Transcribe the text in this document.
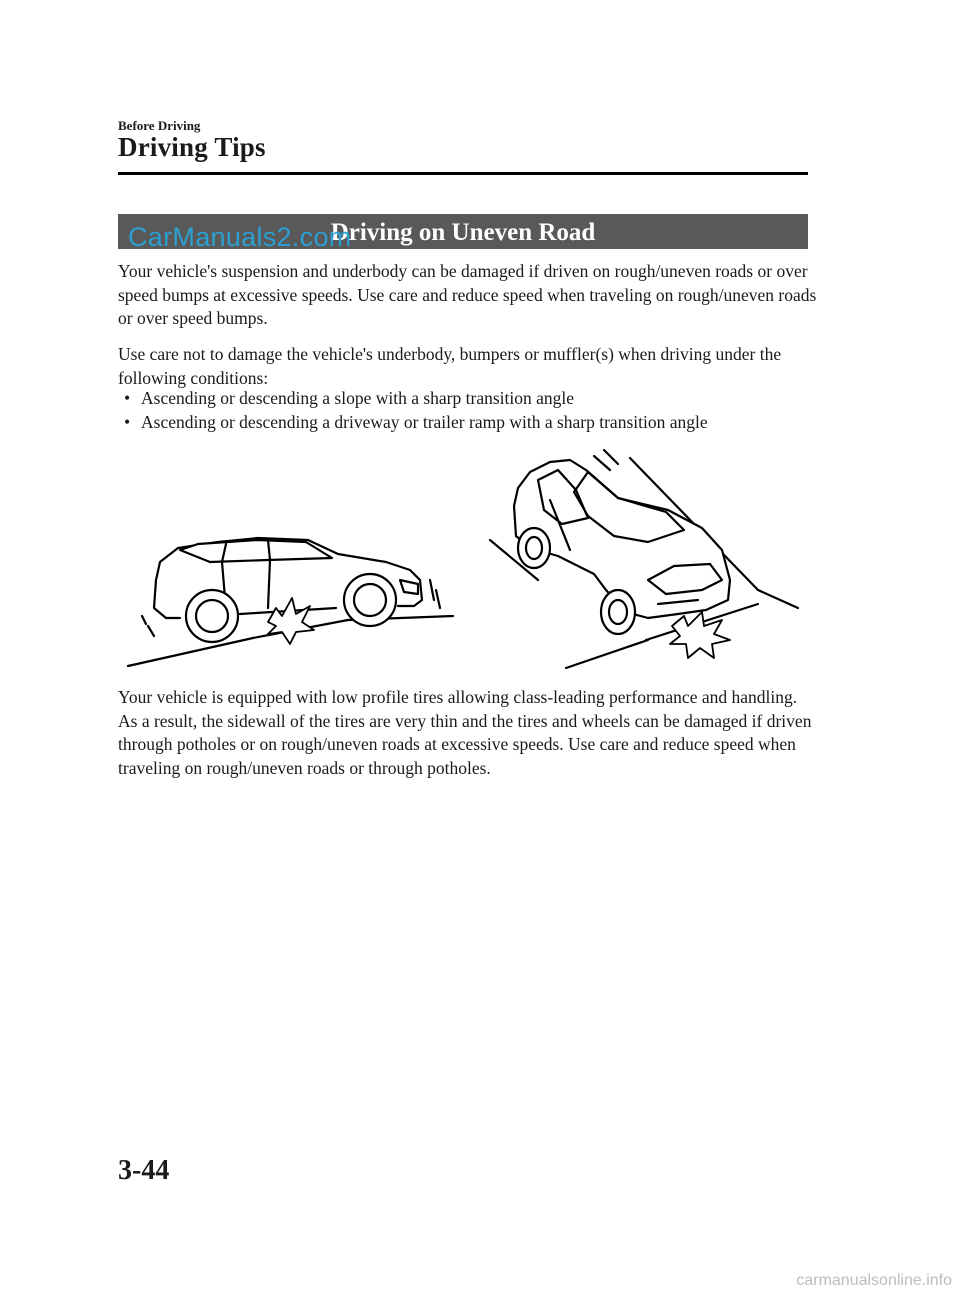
Before Driving
Driving Tips
Driving on Uneven Road
CarManuals2.com

Your vehicle's suspension and underbody can be damaged if driven on rough/uneven roads or over speed bumps at excessive speeds. Use care and reduce speed when traveling on rough/uneven roads or over speed bumps.

Use care not to damage the vehicle's underbody, bumpers or muffler(s) when driving under the following conditions:

• Ascending or descending a slope with a sharp transition angle
• Ascending or descending a driveway or trailer ramp with a sharp transition angle

Your vehicle is equipped with low profile tires allowing class-leading performance and handling. As a result, the sidewall of the tires are very thin and the tires and wheels can be damaged if driven through potholes or on rough/uneven roads at excessive speeds. Use care and reduce speed when traveling on rough/uneven roads or through potholes.

3-44
carmanualsonline.info
